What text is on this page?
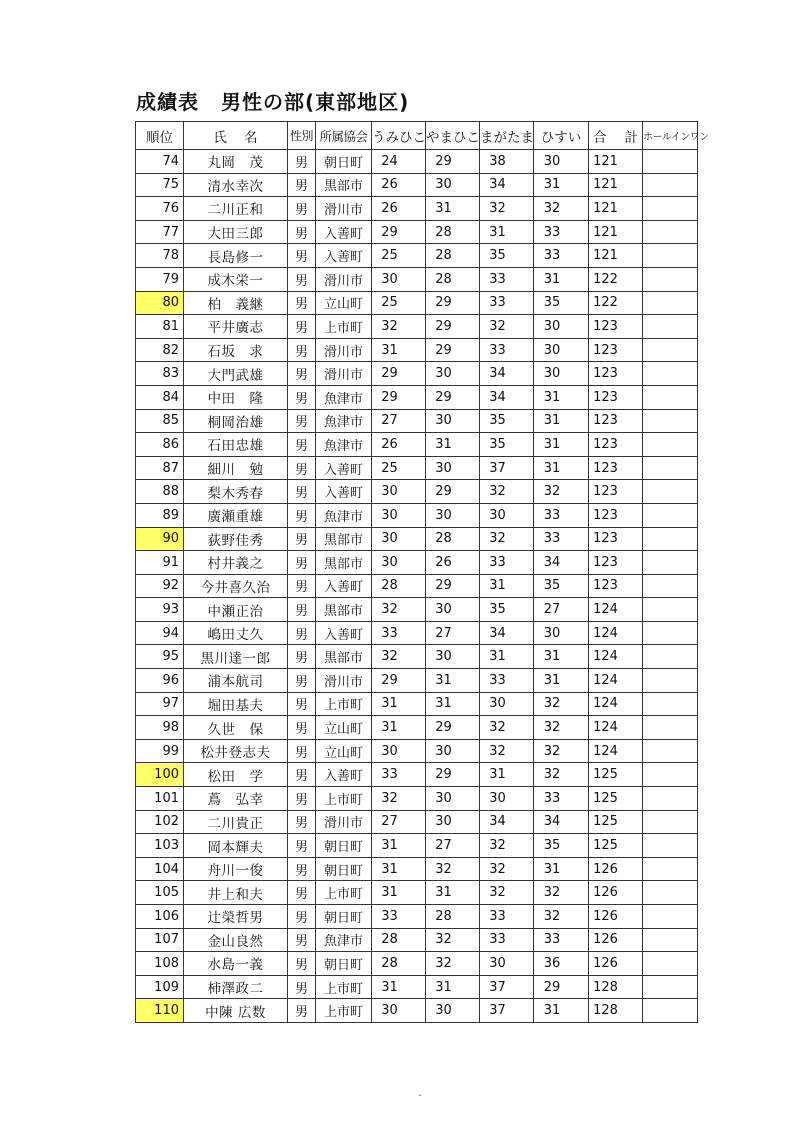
成績表 男性の部(東部地区)
順位	氏 名	性別	所属協会	うみひこ	やまひこ	まがたま	ひすい	合 計	ホールインワン
74	丸岡　茂	男	朝日町	24	29	38	30	121	
75	清水幸次	男	黒部市	26	30	34	31	121	
76	二川正和	男	滑川市	26	31	32	32	121	
77	大田三郎	男	入善町	29	28	31	33	121	
78	長島修一	男	入善町	25	28	35	33	121	
79	成木栄一	男	滑川市	30	28	33	31	122	
80	柏　義継	男	立山町	25	29	33	35	122	
81	平井廣志	男	上市町	32	29	32	30	123	
82	石坂　求	男	滑川市	31	29	33	30	123	
83	大門武雄	男	滑川市	29	30	34	30	123	
84	中田　隆	男	魚津市	29	29	34	31	123	
85	桐岡治雄	男	魚津市	27	30	35	31	123	
86	石田忠雄	男	魚津市	26	31	35	31	123	
87	細川　勉	男	入善町	25	30	37	31	123	
88	梨木秀春	男	入善町	30	29	32	32	123	
89	廣瀬重雄	男	魚津市	30	30	30	33	123	
90	荻野佳秀	男	黒部市	30	28	32	33	123	
91	村井義之	男	黒部市	30	26	33	34	123	
92	今井喜久治	男	入善町	28	29	31	35	123	
93	中瀬正治	男	黒部市	32	30	35	27	124	
94	嶋田丈久	男	入善町	33	27	34	30	124	
95	黒川達一郎	男	黒部市	32	30	31	31	124	
96	浦本航司	男	滑川市	29	31	33	31	124	
97	堀田基夫	男	上市町	31	31	30	32	124	
98	久世　保	男	立山町	31	29	32	32	124	
99	松井登志夫	男	立山町	30	30	32	32	124	
100	松田　学	男	入善町	33	29	31	32	125	
101	蔦　弘幸	男	上市町	32	30	30	33	125	
102	二川貴正	男	滑川市	27	30	34	34	125	
103	岡本輝夫	男	朝日町	31	27	32	35	125	
104	舟川一俊	男	朝日町	31	32	32	31	126	
105	井上和夫	男	上市町	31	31	32	32	126	
106	辻榮哲男	男	朝日町	33	28	33	32	126	
107	金山良然	男	魚津市	28	32	33	33	126	
108	水島一義	男	朝日町	28	32	30	36	126	
109	柿澤政二	男	上市町	31	31	37	29	128	
110	中陳 広数	男	上市町	30	30	37	31	128	
ˆ
